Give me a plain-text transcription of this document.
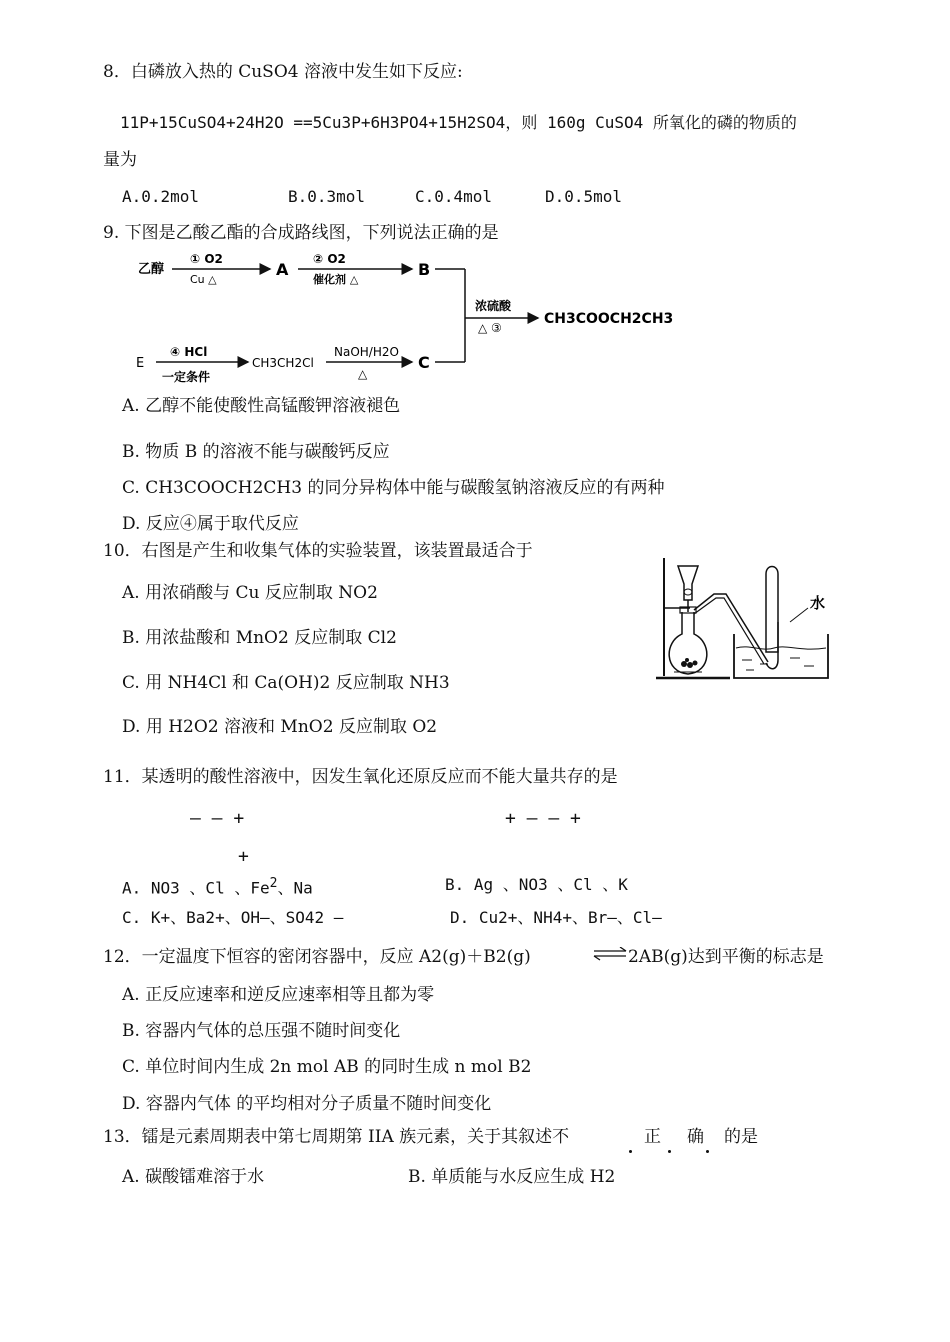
8．白磷放入热的 CuSO4 溶液中发生如下反应:
11P+15CuSO4+24H2O ==5Cu3P+6H3PO4+15H2SO4，则 160g CuSO4 所氧化的磷的物质的
量为
A.0.2mol	B.0.3mol	C.0.4mol	D.0.5mol
9. 下图是乙酸乙酯的合成路线图，下列说法正确的是
乙醇
① O2
Cu △
A
② O2
催化剂 △
B
浓硫酸
△ ③
CH3COOCH2CH3
E
④ HCl
一定条件
CH3CH2Cl
NaOH/H2O
△
C
A. 乙醇不能使酸性高锰酸钾溶液褪色
B. 物质 B 的溶液不能与碳酸钙反应
C. CH3COOCH2CH3 的同分异构体中能与碳酸氢钠溶液反应的有两种
D. 反应④属于取代反应
10．右图是产生和收集气体的实验装置，该装置最适合于
A. 用浓硝酸与 Cu 反应制取 NO2
B. 用浓盐酸和 MnO2 反应制取 Cl2
C. 用 NH4Cl 和 Ca(OH)2 反应制取 NH3
D. 用 H2O2 溶液和 MnO2 反应制取 O2
水
11．某透明的酸性溶液中，因发生氧化还原反应而不能大量共存的是
— — +	+ — — +
+
A. NO3 、Cl 、Fe$^2$、Na	B. Ag 、NO3 、Cl 、K
C. K+、Ba2+、OH—、SO42 —	D. Cu2+、NH4+、Br—、Cl—
12．一定温度下恒容的密闭容器中，反应 A2(g)＋B2(g)	⇌ 2AB(g)达到平衡的标志是
A. 正反应速率和逆反应速率相等且都为零
B. 容器内气体的总压强不随时间变化
C. 单位时间内生成 2n mol AB 的同时生成 n mol B2
D. 容器内气体 的平均相对分子质量不随时间变化
13．镭是元素周期表中第七周期第 IIA 族元素，关于其叙述不	正 确 的是
A. 碳酸镭难溶于水	B. 单质能与水反应生成 H2
